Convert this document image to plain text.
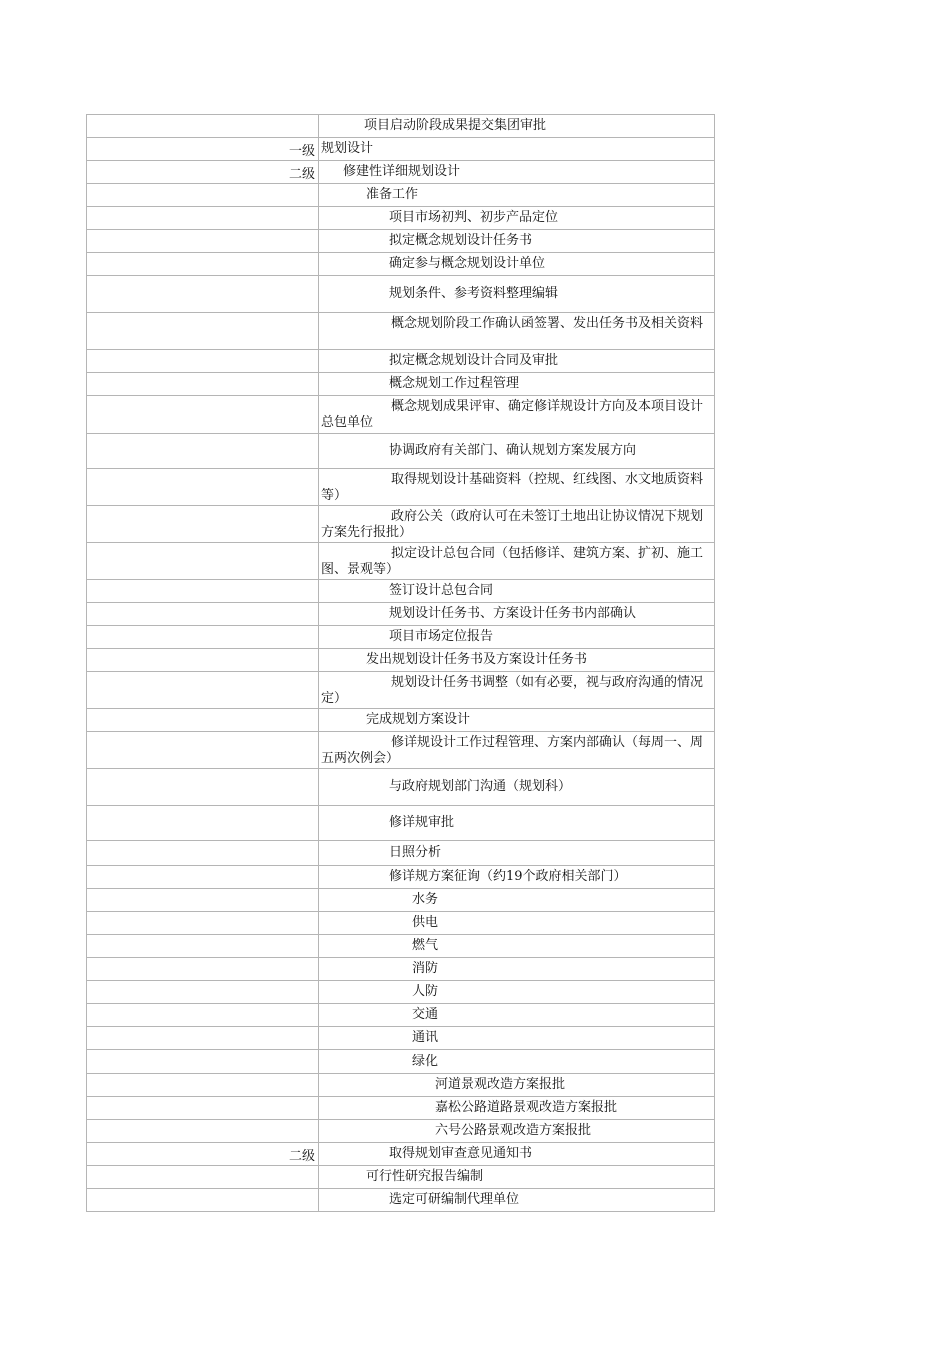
项目启动阶段成果提交集团审批
一级 规划设计
二级	修建性详细规划设计
准备工作
项目市场初判、初步产品定位
拟定概念规划设计任务书
确定参与概念规划设计单位
规划条件、参考资料整理编辑
概念规划阶段工作确认函签署、发出任务书及相关资料
拟定概念规划设计合同及审批
概念规划工作过程管理
概念规划成果评审、确定修详规设计方向及本项目设计总包单位
协调政府有关部门、确认规划方案发展方向
取得规划设计基础资料（控规、红线图、水文地质资料等）
政府公关（政府认可在未签订土地出让协议情况下规划方案先行报批）
拟定设计总包合同（包括修详、建筑方案、扩初、施工图、景观等）
签订设计总包合同
规划设计任务书、方案设计任务书内部确认
项目市场定位报告
发出规划设计任务书及方案设计任务书
规划设计任务书调整（如有必要，视与政府沟通的情况定）
完成规划方案设计
修详规设计工作过程管理、方案内部确认（每周一、周五两次例会）
与政府规划部门沟通（规划科）
修详规审批
日照分析
修详规方案征询（约19个政府相关部门）
水务
供电
燃气
消防
人防
交通
通讯
绿化
河道景观改造方案报批
嘉松公路道路景观改造方案报批
六号公路景观改造方案报批
二级	取得规划审查意见通知书
可行性研究报告编制
选定可研编制代理单位
